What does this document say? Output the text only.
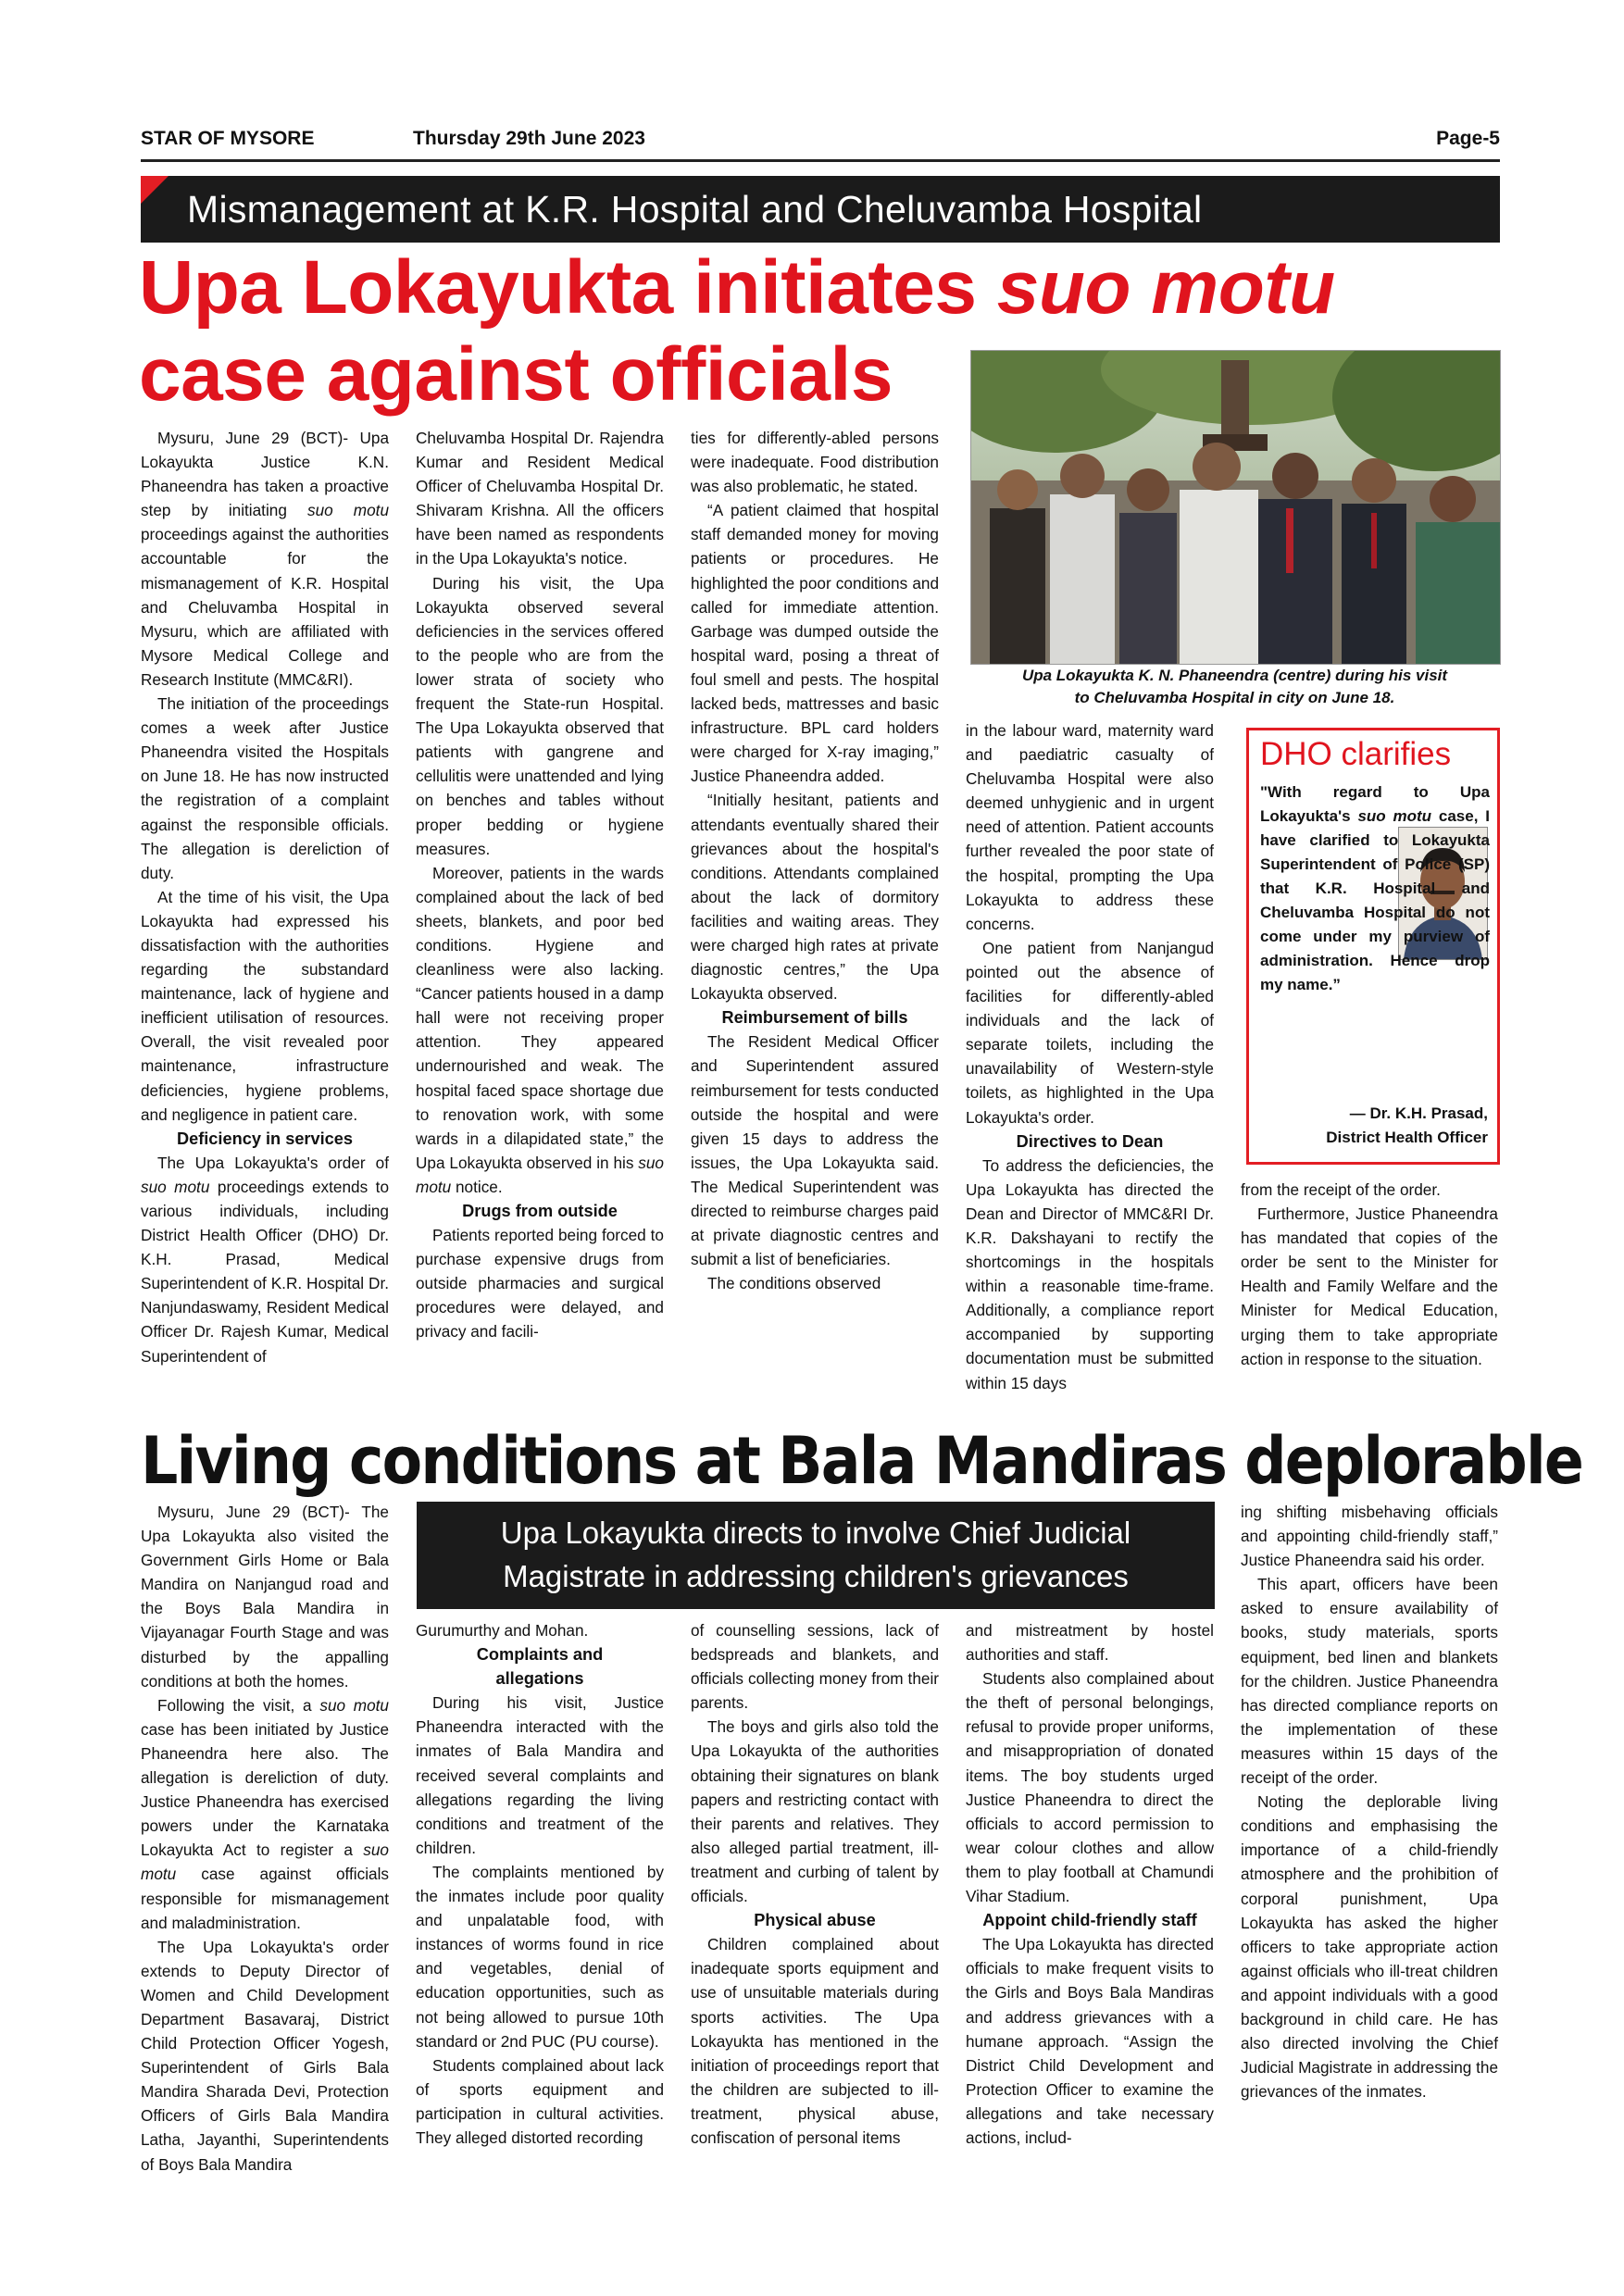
STAR OF MYSORE	Thursday 29th June 2023	Page-5
Mismanagement at K.R. Hospital and Cheluvamba Hospital
Upa Lokayukta initiates suo motu
case against officials
Upa Lokayukta K. N. Phaneendra (centre) during his visit
to Cheluvamba Hospital in city on June 18.

Mysuru, June 29 (BCT)- Upa Lokayukta Justice K.N. Phaneendra has taken a proactive step by initiating suo motu proceedings against the authorities accountable for the mismanagement of K.R. Hospital and Cheluvamba Hospital in Mysuru, which are affiliated with Mysore Medical College and Research Institute (MMC&RI).

The initiation of the proceedings comes a week after Justice Phaneendra visited the Hospitals on June 18. He has now instructed the registration of a complaint against the responsible officials. The allegation is dereliction of duty.

At the time of his visit, the Upa Lokayukta had expressed his dissatisfaction with the authorities regarding the substandard maintenance, lack of hygiene and inefficient utilisation of resources. Overall, the visit revealed poor maintenance, infrastructure deficiencies, hygiene problems, and negligence in patient care.

Deficiency in services

The Upa Lokayukta's order of suo motu proceedings extends to various individuals, including District Health Officer (DHO) Dr. K.H. Prasad, Medical Superintendent of K.R. Hospital Dr. Nanjundaswamy, Resident Medical Officer Dr. Rajesh Kumar, Medical Superintendent of

Cheluvamba Hospital Dr. Rajendra Kumar and Resident Medical Officer of Cheluvamba Hospital Dr. Shivaram Krishna. All the officers have been named as respondents in the Upa Lokayukta's notice.

During his visit, the Upa Lokayukta observed several deficiencies in the services offered to the people who are from the lower strata of society who frequent the State-run Hospital. The Upa Lokayukta observed that patients with gangrene and cellulitis were unattended and lying on benches and tables without proper bedding or hygiene measures.

Moreover, patients in the wards complained about the lack of bed sheets, blankets, and poor bed conditions. Hygiene and cleanliness were also lacking. “Cancer patients housed in a damp hall were not receiving proper attention. They appeared undernourished and weak. The hospital faced space shortage due to renovation work, with some wards in a dilapidated state,” the Upa Lokayukta observed in his suo motu notice.

Drugs from outside

Patients reported being forced to purchase expensive drugs from outside pharmacies and surgical procedures were delayed, and privacy and facili-

ties for differently-abled persons were inadequate. Food distribution was also problematic, he stated.

“A patient claimed that hospital staff demanded money for moving patients or procedures. He highlighted the poor conditions and called for immediate attention. Garbage was dumped outside the hospital ward, posing a threat of foul smell and pests. The hospital lacked beds, mattresses and basic infrastructure. BPL card holders were charged for X-ray imaging,” Justice Phaneendra added.

“Initially hesitant, patients and attendants eventually shared their grievances about the hospital's conditions. Attendants complained about the lack of dormitory facilities and waiting areas. They were charged high rates at private diagnostic centres,” the Upa Lokayukta observed.

Reimbursement of bills

The Resident Medical Officer and Superintendent assured reimbursement for tests conducted outside the hospital and were given 15 days to address the issues, the Upa Lokayukta said. The Medical Superintendent was directed to reimburse charges paid at private diagnostic centres and submit a list of beneficiaries.

The conditions observed

in the labour ward, maternity ward and paediatric casualty of Cheluvamba Hospital were also deemed unhygienic and in urgent need of attention. Patient accounts further revealed the poor state of the hospital, prompting the Upa Lokayukta to address these concerns.

One patient from Nanjangud pointed out the absence of facilities for differently-abled individuals and the lack of separate toilets, including the unavailability of Western-style toilets, as highlighted in the Upa Lokayukta's order.

Directives to Dean

To address the deficiencies, the Upa Lokayukta has directed the Dean and Director of MMC&RI Dr. K.R. Dakshayani to rectify the shortcomings in the hospitals within a reasonable time-frame. Additionally, a compliance report accompanied by supporting documentation must be submitted within 15 days

from the receipt of the order.

Furthermore, Justice Phaneendra has mandated that copies of the order be sent to the Minister for Health and Family Welfare and the Minister for Medical Education, urging them to take appropriate action in response to the situation.

DHO clarifies
"With regard to Upa Lokayukta's suo motu case, I have clarified to Lokayukta Superintendent of Police (SP) that K.R. Hospital and Cheluvamba Hospital do not come under my purview of administration. Hence drop my name.”
— Dr. K.H. Prasad,
District Health Officer
Living conditions at Bala Mandiras deplorable
Upa Lokayukta directs to involve Chief Judicial
Magistrate in addressing children's grievances

Mysuru, June 29 (BCT)- The Upa Lokayukta also visited the Government Girls Home or Bala Mandira on Nanjangud road and the Boys Bala Mandira in Vijayanagar Fourth Stage and was disturbed by the appalling conditions at both the homes.

Following the visit, a suo motu case has been initiated by Justice Phaneendra here also. The allegation is dereliction of duty. Justice Phaneendra has exercised powers under the Karnataka Lokayukta Act to register a suo motu case against officials responsible for mismanagement and maladministration.

The Upa Lokayukta's order extends to Deputy Director of Women and Child Development Department Basavaraj, District Child Protection Officer Yogesh, Superintendent of Girls Bala Mandira Sharada Devi, Protection Officers of Girls Bala Mandira Latha, Jayanthi, Superintendents of Boys Bala Mandira

Gurumurthy and Mohan.

Complaints and
allegations

During his visit, Justice Phaneendra interacted with the inmates of Bala Mandira and received several complaints and allegations regarding the living conditions and treatment of the children.

The complaints mentioned by the inmates include poor quality and unpalatable food, with instances of worms found in rice and vegetables, denial of education opportunities, such as not being allowed to pursue 10th standard or 2nd PUC (PU course).

Students complained about lack of sports equipment and participation in cultural activities. They alleged distorted recording

of counselling sessions, lack of bedspreads and blankets, and officials collecting money from their parents.

The boys and girls also told the Upa Lokayukta of the authorities obtaining their signatures on blank papers and restricting contact with their parents and relatives. They also alleged partial treatment, ill-treatment and curbing of talent by officials.

Physical abuse

Children complained about inadequate sports equipment and use of unsuitable materials during sports activities. The Upa Lokayukta has mentioned in the initiation of proceedings report that the children are subjected to ill-treatment, physical abuse, confiscation of personal items

and mistreatment by hostel authorities and staff.

Students also complained about the theft of personal belongings, refusal to provide proper uniforms, and misappropriation of donated items. The boy students urged Justice Phaneendra to direct the officials to accord permission to wear colour clothes and allow them to play football at Chamundi Vihar Stadium.

Appoint child-friendly staff

The Upa Lokayukta has directed officials to make frequent visits to the Girls and Boys Bala Mandiras and address grievances with a humane approach. “Assign the District Child Development and Protection Officer to examine the allegations and take necessary actions, includ-

ing shifting misbehaving officials and appointing child-friendly staff,” Justice Phaneendra said his order.

This apart, officers have been asked to ensure availability of books, study materials, sports equipment, bed linen and blankets for the children. Justice Phaneendra has directed compliance reports on the implementation of these measures within 15 days of the receipt of the order.

Noting the deplorable living conditions and emphasising the importance of a child-friendly atmosphere and the prohibition of corporal punishment, Upa Lokayukta has asked the higher officers to take appropriate action against officials who ill-treat children and appoint individuals with a good background in child care. He has also directed involving the Chief Judicial Magistrate in addressing the grievances of the inmates.
